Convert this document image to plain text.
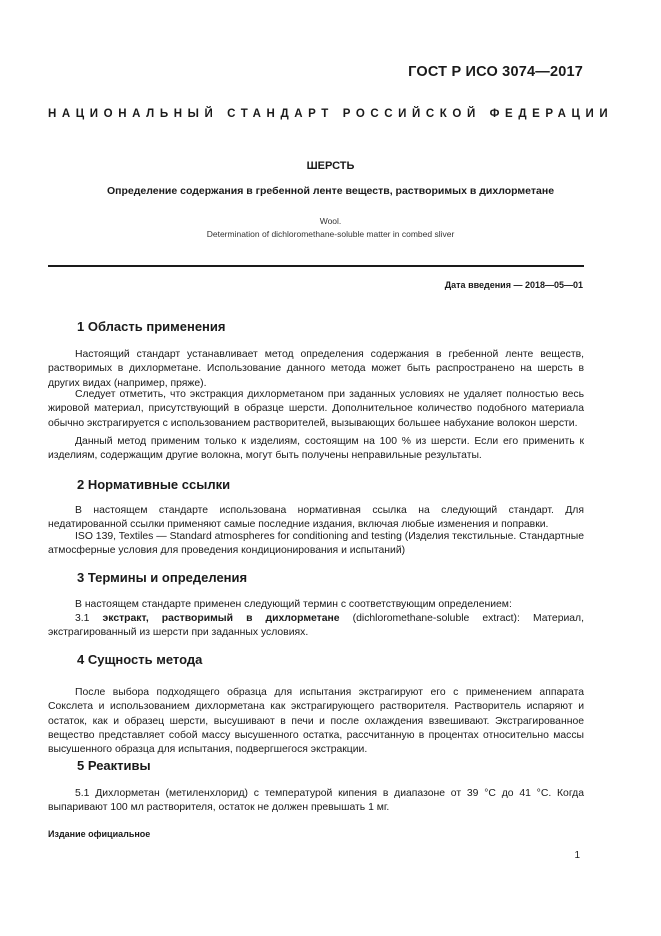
ГОСТ Р ИСО 3074—2017
НАЦИОНАЛЬНЫЙ СТАНДАРТ РОССИЙСКОЙ ФЕДЕРАЦИИ
ШЕРСТЬ
Определение содержания в гребенной ленте веществ, растворимых в дихлорметане
Wool.
Determination of dichloromethane-soluble matter in combed sliver
Дата введения — 2018—05—01
1 Область применения

Настоящий стандарт устанавливает метод определения содержания в гребенной ленте веществ, растворимых в дихлорметане. Использование данного метода может быть распространено на шерсть в других видах (например, пряже).

Следует отметить, что экстракция дихлорметаном при заданных условиях не удаляет полностью весь жировой материал, присутствующий в образце шерсти. Дополнительное количество подобного материала обычно экстрагируется с использованием растворителей, вызывающих большее набухание волокон шерсти.

Данный метод применим только к изделиям, состоящим на 100 % из шерсти. Если его применить к изделиям, содержащим другие волокна, могут быть получены неправильные результаты.

2 Нормативные ссылки

В настоящем стандарте использована нормативная ссылка на следующий стандарт. Для недатированной ссылки применяют самые последние издания, включая любые изменения и поправки.

ISO 139, Textiles — Standard atmospheres for conditioning and testing (Изделия текстильные. Стандартные атмосферные условия для проведения кондиционирования и испытаний)

3 Термины и определения

В настоящем стандарте применен следующий термин с соответствующим определением:

3.1 экстракт, растворимый в дихлорметане (dichloromethane-soluble extract): Материал, экстрагированный из шерсти при заданных условиях.

4 Сущность метода

После выбора подходящего образца для испытания экстрагируют его с применением аппарата Сокслета и использованием дихлорметана как экстрагирующего растворителя. Растворитель испаряют и остаток, как и образец шерсти, высушивают в печи и после охлаждения взвешивают. Экстрагированное вещество представляет собой массу высушенного остатка, рассчитанную в процентах относительно массы высушенного образца для испытания, подвергшегося экстракции.

5 Реактивы

5.1 Дихлорметан (метиленхлорид) с температурой кипения в диапазоне от 39 °С до 41 °С. Когда выпаривают 100 мл растворителя, остаток не должен превышать 1 мг.

Издание официальное
1
